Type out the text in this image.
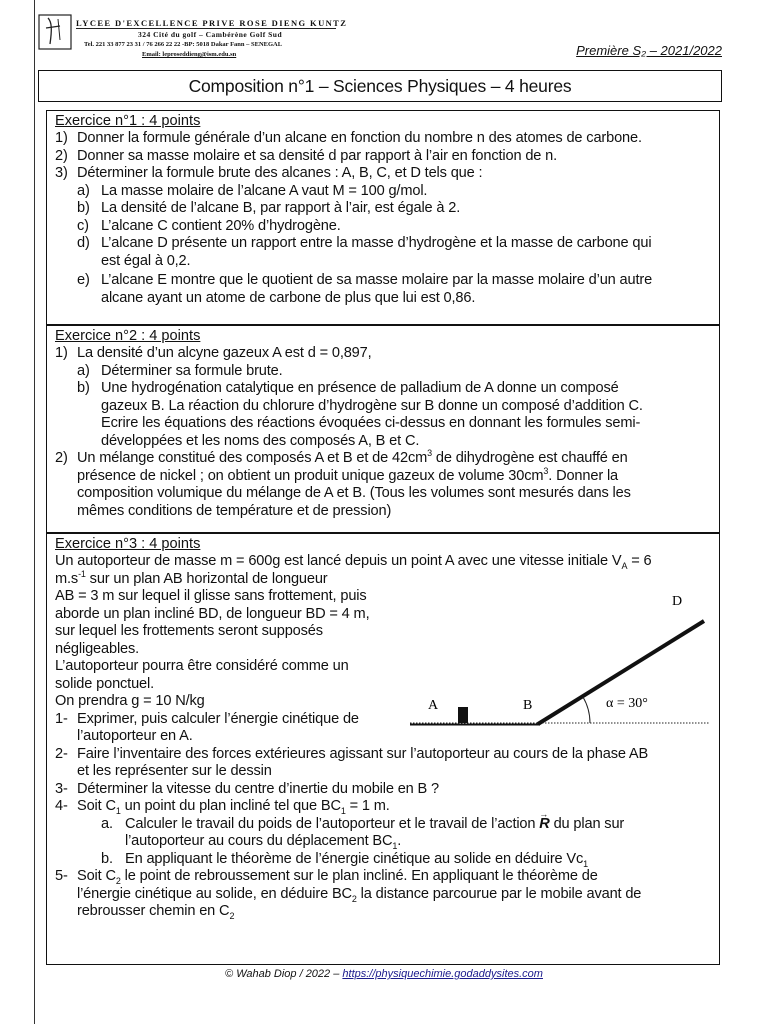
LYCEE D'EXCELLENCE PRIVE ROSE DIENG KUNTZ
324 Cité du golf – Cambérène Golf Sud
Tel. 221 33 877 23 31 / 76 266 22 22 -BP: 5018 Dakar Fann – SENEGAL
Email: leproseddieng@ism.edu.sn	Première S₂ – 2021/2022
Composition n°1 – Sciences Physiques – 4 heures
Exercice n°1 : 4 points
1) Donner la formule générale d’un alcane en fonction du nombre n des atomes de carbone.
2) Donner sa masse molaire et sa densité d par rapport à l’air en fonction de n.
3) Déterminer la formule brute des alcanes : A, B, C, et D tels que :
a) La masse molaire de l’alcane A vaut M = 100 g/mol.
b) La densité de l’alcane B, par rapport à l’air, est égale à 2.
c) L’alcane C contient 20% d’hydrogène.
d) L’alcane D présente un rapport entre la masse d’hydrogène et la masse de carbone qui
est égal à 0,2.
e) L’alcane E montre que le quotient de sa masse molaire par la masse molaire d’un autre
alcane ayant un atome de carbone de plus que lui est 0,86.
Exercice n°2 : 4 points
1) La densité d’un alcyne gazeux A est d = 0,897,
a) Déterminer sa formule brute.
b) Une hydrogénation catalytique en présence de palladium de A donne un composé
gazeux B. La réaction du chlorure d’hydrogène sur B donne un composé d’addition C.
Ecrire les équations des réactions évoquées ci-dessus en donnant les formules semi-
développées et les noms des composés A, B et C.
2) Un mélange constitué des composés A et B et de $42cm^3$ de dihydrogène est chauffé en
présence de nickel ; on obtient un produit unique gazeux de volume $30cm^3$. Donner la
composition volumique du mélange de A et B. (Tous les volumes sont mesurés dans les
mêmes conditions de température et de pression)
Exercice n°3 : 4 points
Un autoporteur de masse m = 600g est lancé depuis un point A avec une vitesse initiale $V_A = 6$
$m.s^{-1}$ sur un plan AB horizontal de longueur
AB = 3 m sur lequel il glisse sans frottement, puis
aborde un plan incliné BD, de longueur BD = 4 m,
sur lequel les frottements seront supposés
négligeables.
L’autoporteur pourra être considéré comme un
solide ponctuel.
On prendra g = 10 N/kg
1- Exprimer, puis calculer l’énergie cinétique de
l’autoporteur en A.
2- Faire l’inventaire des forces extérieures agissant sur l’autoporteur au cours de la phase AB
et les représenter sur le dessin
3- Déterminer la vitesse du centre d’inertie du mobile en B ?
4- Soit $C_1$ un point du plan incliné tel que $BC_1 = 1$ m.
a. Calculer le travail du poids de l’autoporteur et le travail de l’action → R du plan sur
l’autoporteur au cours du déplacement $BC_1$.
b. En appliquant le théorème de l’énergie cinétique au solide en déduire $Vc_1$
5- Soit $C_2$ le point de rebroussement sur le plan incliné. En appliquant le théorème de
l’énergie cinétique au solide, en déduire $BC_2$ la distance parcourue par le mobile avant de
rebrousser chemin en $C_2$
A	B
D
α = 30°
© Wahab Diop / 2022 – https://physiquechimie.godaddysites.com
